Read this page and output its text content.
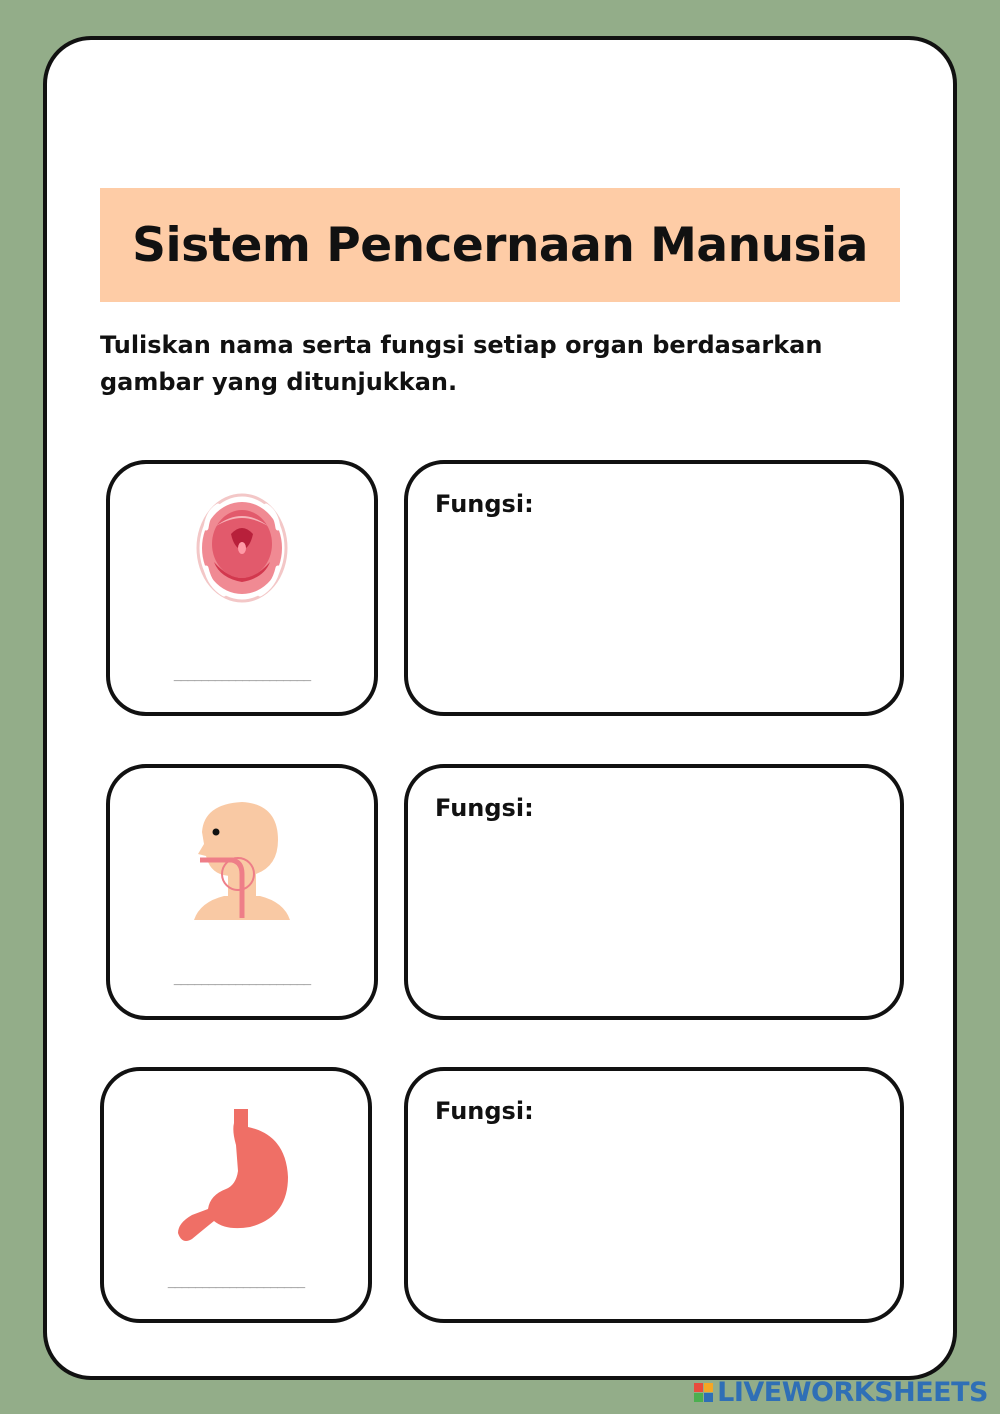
Sistem Pencernaan Manusia

Tuliskan nama serta fungsi setiap organ berdasarkan gambar yang ditunjukkan.

____________________
Fungsi:
____________________
Fungsi:
____________________
Fungsi:
LIVEWORKSHEETS
